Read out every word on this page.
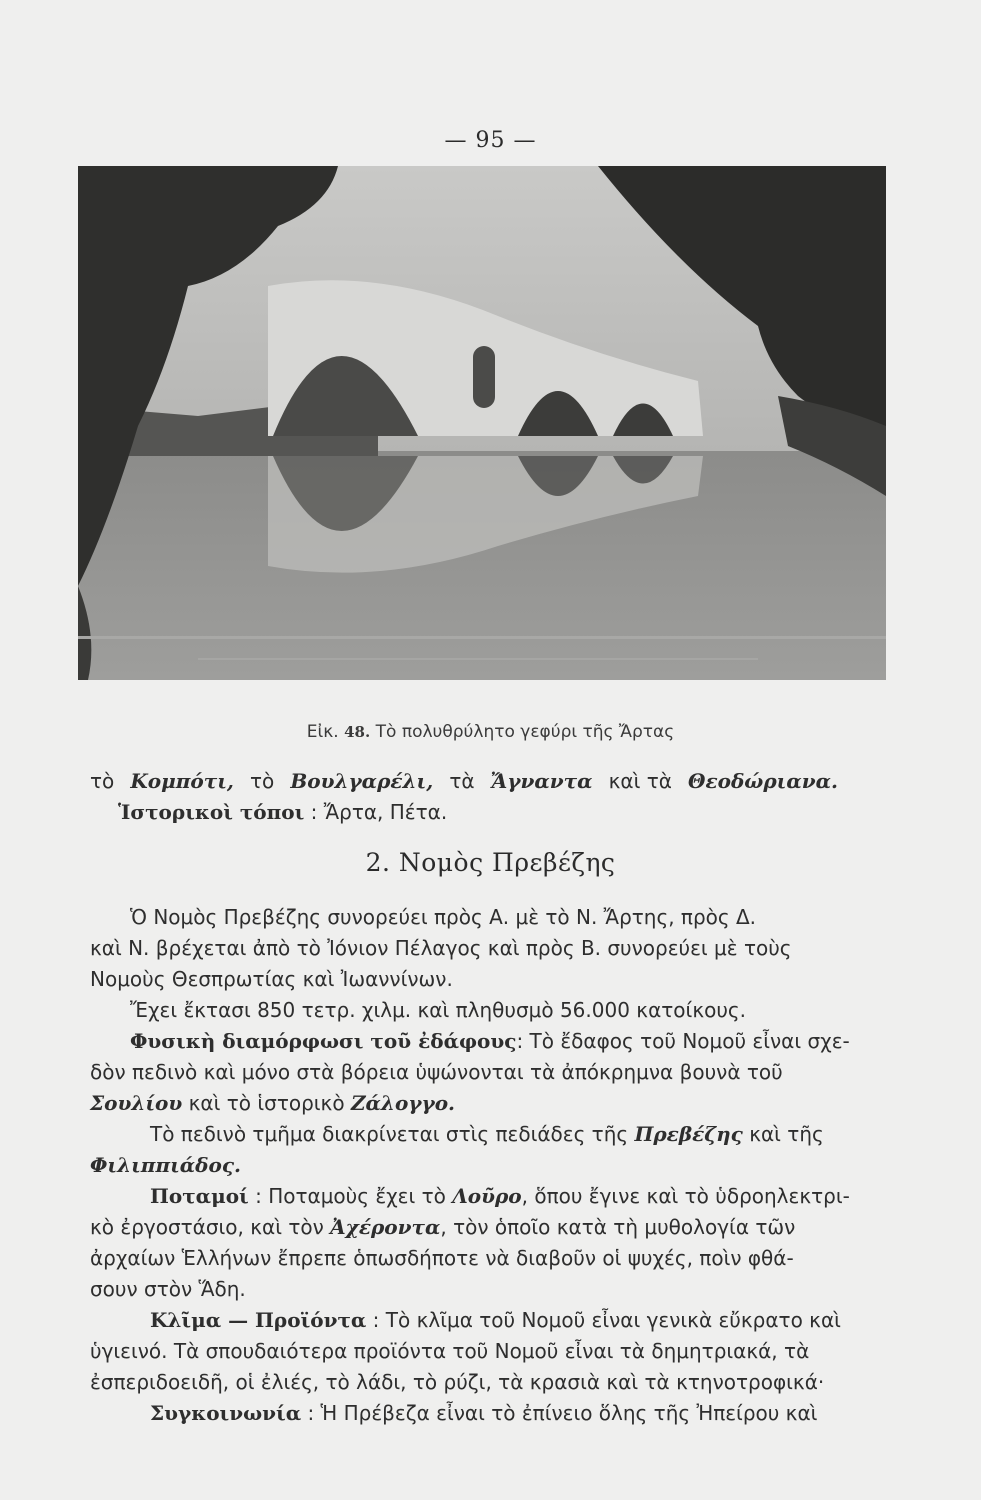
— 95 —
Εἰκ. 48. Τὸ πολυθρύλητο γεφύρι τῆς Ἄρτας
τὸ Κομπότι, τὸ Βουλγαρέλι, τὰ Ἄγναντα καὶ τὰ Θεοδώριανα.
Ἱστορικοὶ τόποι : Ἄρτα, Πέτα.
2. Νομὸς Πρεβέζης
Ὁ Νομὸς Πρεβέζης συνορεύει πρὸς Α. μὲ τὸ Ν. Ἄρτης, πρὸς Δ.
καὶ Ν. βρέχεται ἀπὸ τὸ Ἰόνιον Πέλαγος καὶ πρὸς Β. συνορεύει μὲ τοὺς
Νομοὺς Θεσπρωτίας καὶ Ἰωαννίνων.
Ἔχει ἔκτασι 850 τετρ. χιλμ. καὶ πληθυσμὸ 56.000 κατοίκους.
Φυσικὴ διαμόρφωσι τοῦ ἐδάφους: Τὸ ἔδαφος τοῦ Νομοῦ εἶναι σχε-
δὸν πεδινὸ καὶ μόνο στὰ βόρεια ὑψώνονται τὰ ἀπόκρημνα βουνὰ τοῦ
Σουλίου καὶ τὸ ἱστορικὸ Ζάλογγο.
Τὸ πεδινὸ τμῆμα διακρίνεται στὶς πεδιάδες τῆς Πρεβέζης καὶ τῆς
Φιλιππιάδος.
Ποταμοί : Ποταμοὺς ἔχει τὸ Λοῦρο, ὅπου ἔγινε καὶ τὸ ὑδροηλεκτρι-
κὸ ἐργοστάσιο, καὶ τὸν Ἀχέροντα, τὸν ὁποῖο κατὰ τὴ μυθολογία τῶν
ἀρχαίων Ἑλλήνων ἔπρεπε ὁπωσδήποτε νὰ διαβοῦν οἱ ψυχές, ποὶν φθά-
σουν στὸν Ἅδη.
Κλῖμα — Προϊόντα : Τὸ κλῖμα τοῦ Νομοῦ εἶναι γενικὰ εὔκρατο καὶ
ὑγιεινό. Τὰ σπουδαιότερα προϊόντα τοῦ Νομοῦ εἶναι τὰ δημητριακά, τὰ
ἐσπεριδοειδῆ, οἱ ἐλιές, τὸ λάδι, τὸ ρύζι, τὰ κρασιὰ καὶ τὰ κτηνοτροφικά·
Συγκοινωνία : Ἡ Πρέβεζα εἶναι τὸ ἐπίνειο ὅλης τῆς Ἠπείρου καὶ
